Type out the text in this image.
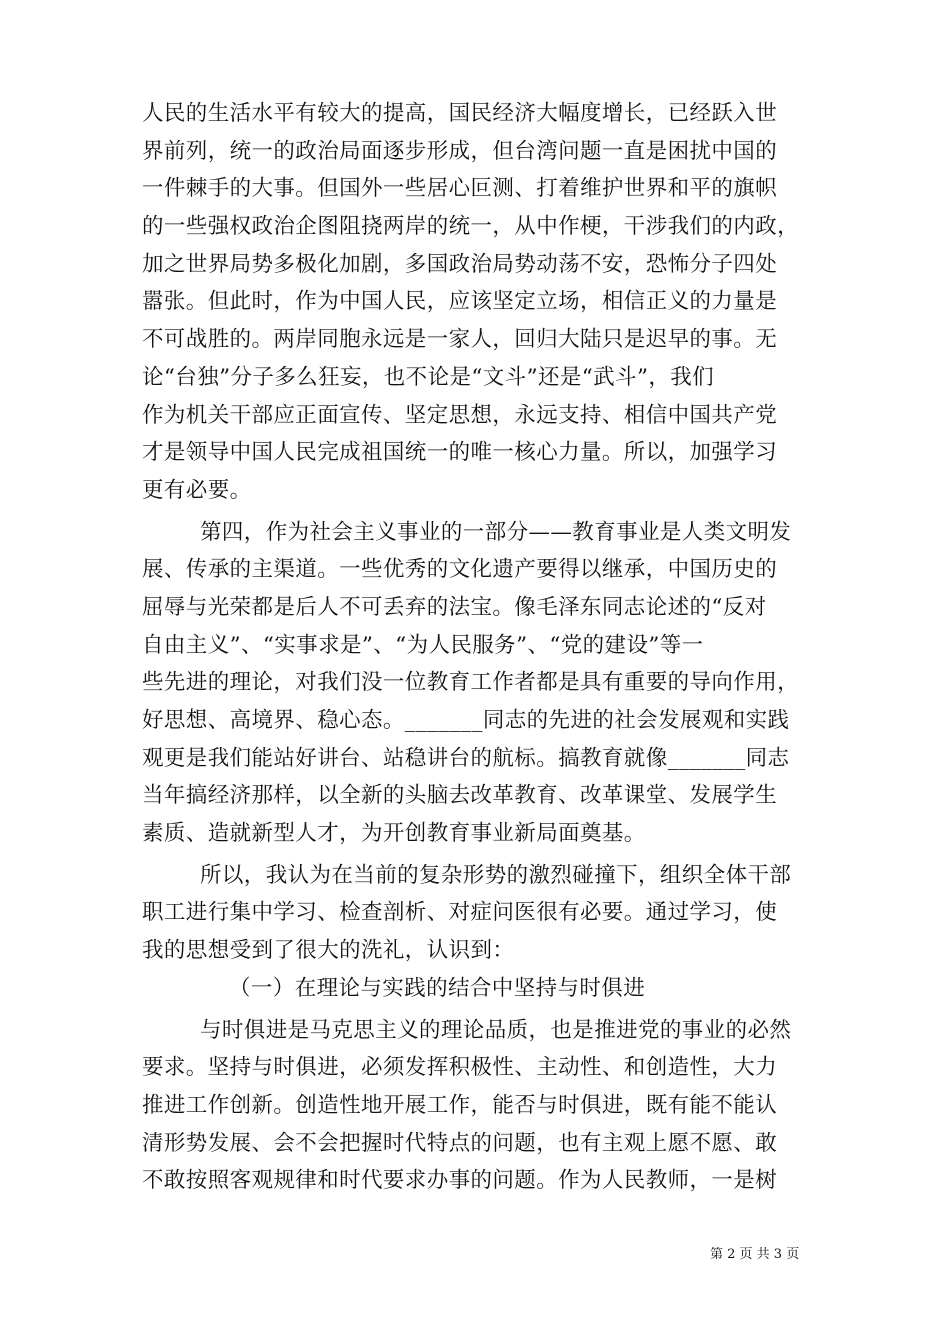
人民的生活水平有较大的提高，国民经济大幅度增长，已经跃入世
界前列，统一的政治局面逐步形成，但台湾问题一直是困扰中国的
一件棘手的大事。但国外一些居心叵测、打着维护世界和平的旗帜
的一些强权政治企图阻挠两岸的统一，从中作梗，干涉我们的内政，
加之世界局势多极化加剧，多国政治局势动荡不安，恐怖分子四处
嚣张。但此时，作为中国人民，应该坚定立场，相信正义的力量是
不可战胜的。两岸同胞永远是一家人，回归大陆只是迟早的事。无
论“台独”分子多么狂妄，也不论是“文斗”还是“武斗”，我们
作为机关干部应正面宣传、坚定思想，永远支持、相信中国共产党
才是领导中国人民完成祖国统一的唯一核心力量。所以，加强学习
更有必要。
第四，作为社会主义事业的一部分——教育事业是人类文明发
展、传承的主渠道。一些优秀的文化遗产要得以继承，中国历史的
屈辱与光荣都是后人不可丢弃的法宝。像毛泽东同志论述的“反对
自由主义”、“实事求是”、“为人民服务”、“党的建设”等一
些先进的理论，对我们没一位教育工作者都是具有重要的导向作用，
好思想、高境界、稳心态。_______同志的先进的社会发展观和实践
观更是我们能站好讲台、站稳讲台的航标。搞教育就像_______同志
当年搞经济那样，以全新的头脑去改革教育、改革课堂、发展学生
素质、造就新型人才，为开创教育事业新局面奠基。
所以，我认为在当前的复杂形势的激烈碰撞下，组织全体干部
职工进行集中学习、检查剖析、对症问医很有必要。通过学习，使
我的思想受到了很大的洗礼，认识到：
（一）在理论与实践的结合中坚持与时俱进
与时俱进是马克思主义的理论品质，也是推进党的事业的必然
要求。坚持与时俱进，必须发挥积极性、主动性、和创造性，大力
推进工作创新。创造性地开展工作，能否与时俱进，既有能不能认
清形势发展、会不会把握时代特点的问题，也有主观上愿不愿、敢
不敢按照客观规律和时代要求办事的问题。作为人民教师，一是树
第 2 页 共 3 页
